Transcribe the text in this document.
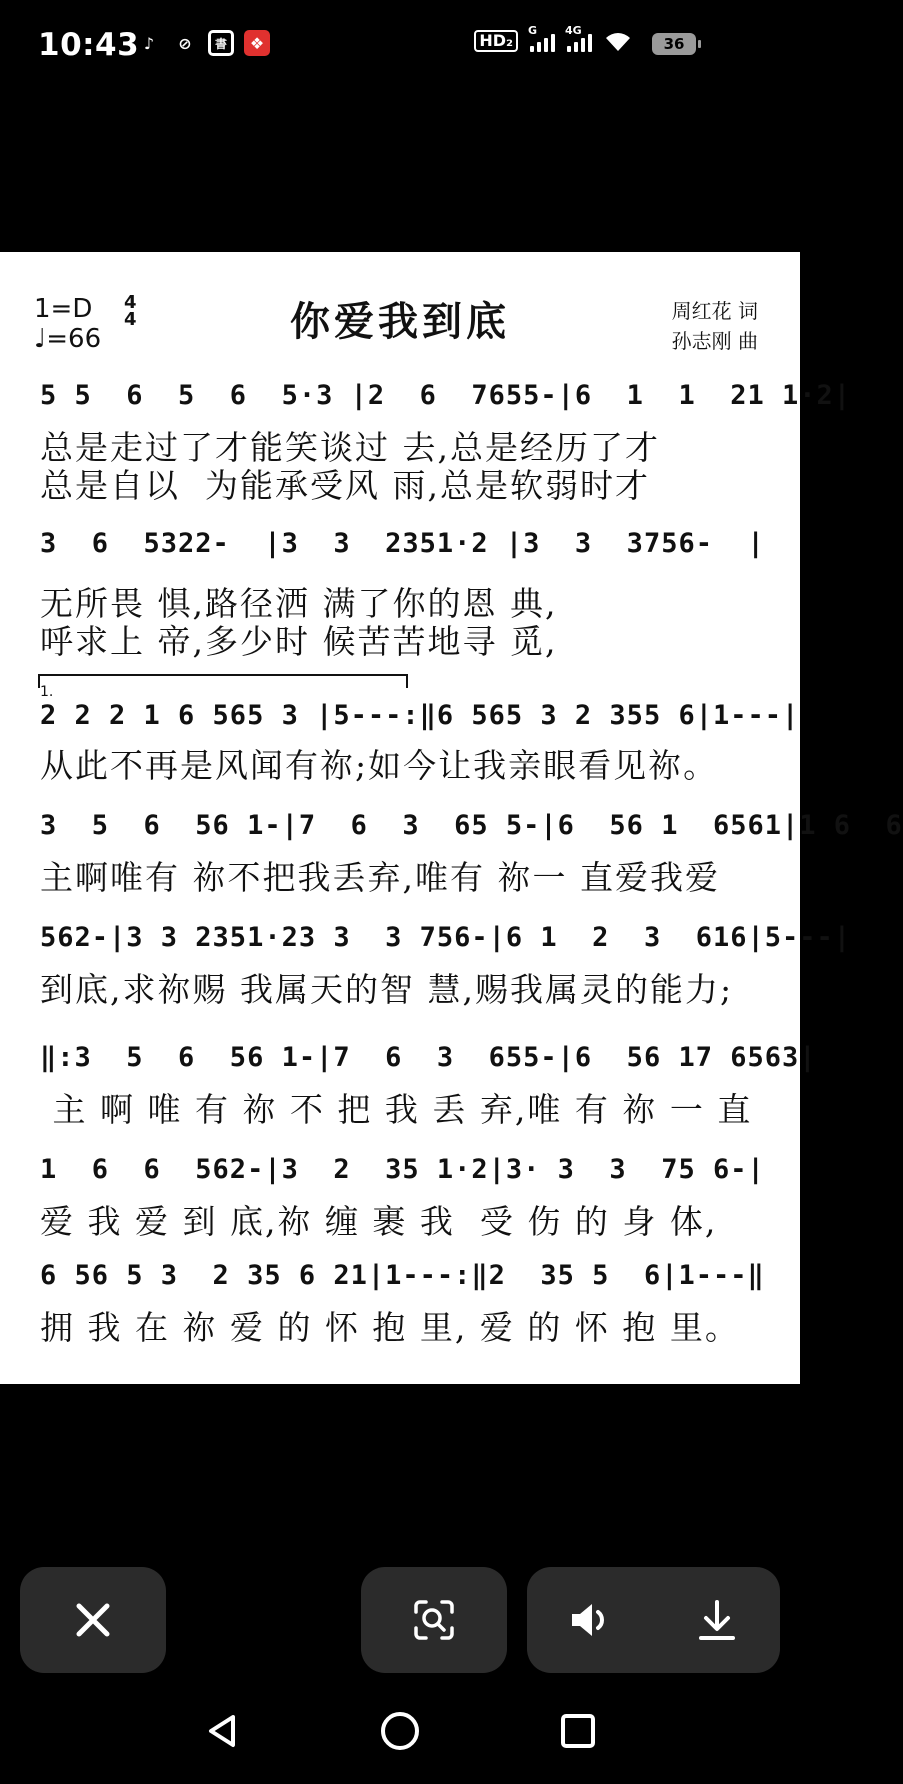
10:43 ♪	⊘	書	❖	HD₂
G	4G
36
1=D
♩=66
4
4	你爱我到底	周红花 词
孙志刚 曲
1.
5 5  6  5  6  5·3 |2  6  7655-|6  1  1  21 1·2|
总是走过了才能笑谈过 去,总是经历了才
总是自以  为能承受风 雨,总是软弱时才
3  6  5322-  |3  3  2351·2 |3  3  3756-  |
无所畏 惧,路径洒 满了你的恩 典,
呼求上 帝,多少时 候苦苦地寻 觅,
2 2 2 1 6 565 3 |5---:‖6 565 3 2 355 6|1---|
从此不再是风闻有祢;如今让我亲眼看见祢。
3  5  6  56 1-|7  6  3  65 5-|6  56 1  6561|1 6  6
主啊唯有 祢不把我丢弃,唯有 祢一 直爱我爱
562-|3 3 2351·23 3  3 756-|6 1  2  3  616|5---|
到底,求祢赐 我属天的智 慧,赐我属灵的能力;
‖:3  5  6  56 1-|7  6  3  655-|6  56 17 6563|
主 啊 唯 有 祢 不 把 我 丢 弃,唯 有 祢 一 直
1  6  6  562-|3  2  35 1·2|3· 3  3  75 6-|
爱 我 爱 到 底,祢 缠 裹 我  受 伤 的 身 体,
6 56 5 3  2 35 6 21|1---:‖2  35 5  6|1---‖
拥 我 在 祢 爱 的 怀 抱 里, 爱 的 怀 抱 里。
